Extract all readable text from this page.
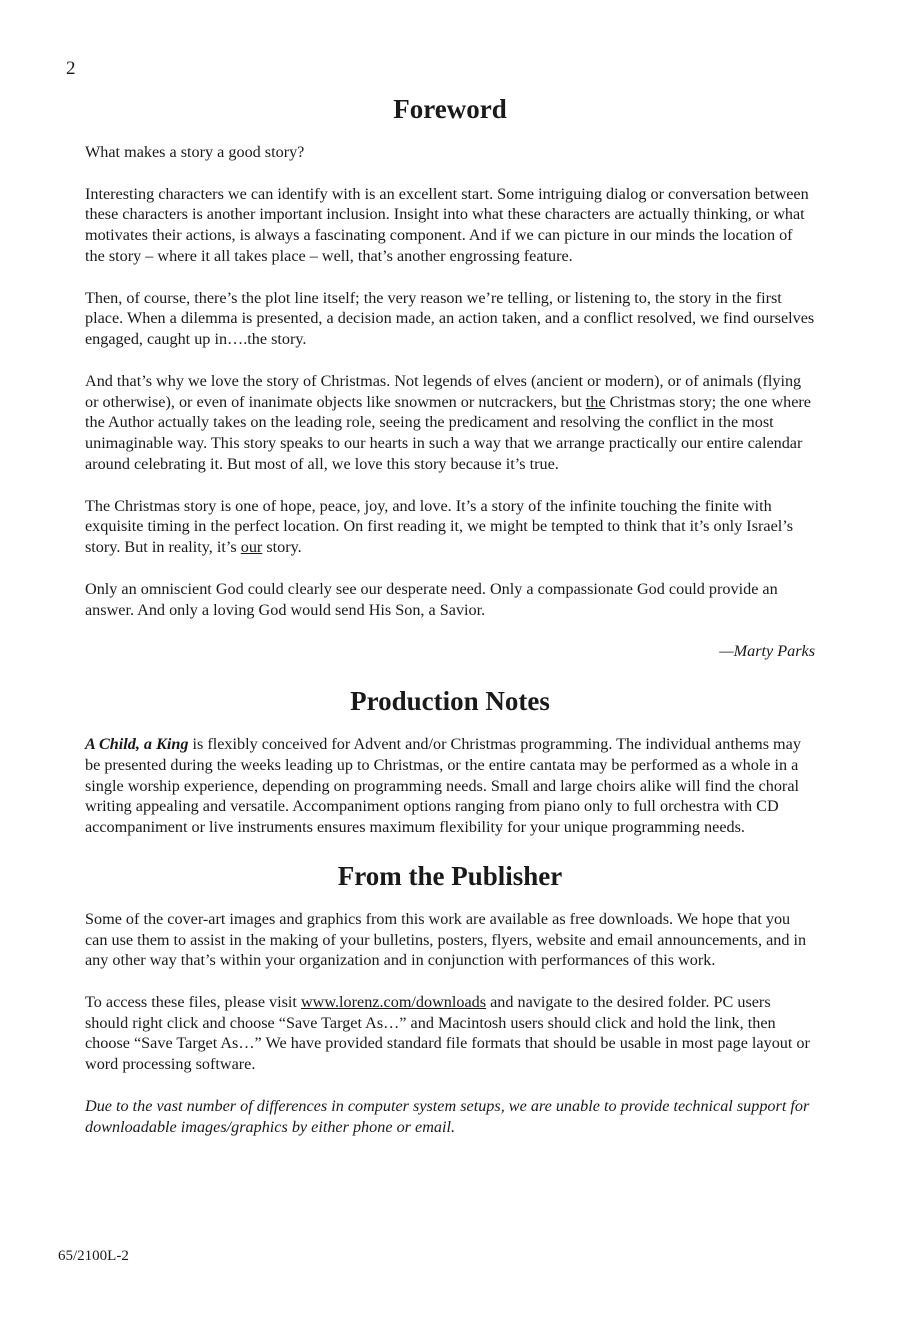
2
Foreword

What makes a story a good story?

Interesting characters we can identify with is an excellent start. Some intriguing dialog or conversation between these characters is another important inclusion. Insight into what these characters are actually thinking, or what motivates their actions, is always a fascinating component. And if we can picture in our minds the location of the story – where it all takes place – well, that’s another engrossing feature.

Then, of course, there’s the plot line itself; the very reason we’re telling, or listening to, the story in the first place. When a dilemma is presented, a decision made, an action taken, and a conflict resolved, we find ourselves engaged, caught up in….the story.

And that’s why we love the story of Christmas. Not legends of elves (ancient or modern), or of animals (flying or otherwise), or even of inanimate objects like snowmen or nutcrackers, but the Christmas story; the one where the Author actually takes on the leading role, seeing the predicament and resolving the conflict in the most unimaginable way. This story speaks to our hearts in such a way that we arrange practically our entire calendar around celebrating it. But most of all, we love this story because it’s true.

The Christmas story is one of hope, peace, joy, and love. It’s a story of the infinite touching the finite with exquisite timing in the perfect location. On first reading it, we might be tempted to think that it’s only Israel’s story. But in reality, it’s our story.

Only an omniscient God could clearly see our desperate need. Only a compassionate God could provide an answer. And only a loving God would send His Son, a Savior.

—Marty Parks

Production Notes

A Child, a King is flexibly conceived for Advent and/or Christmas programming. The individual anthems may be presented during the weeks leading up to Christmas, or the entire cantata may be performed as a whole in a single worship experience, depending on programming needs. Small and large choirs alike will find the choral writing appealing and versatile. Accompaniment options ranging from piano only to full orchestra with CD accompaniment or live instruments ensures maximum flexibility for your unique programming needs.

From the Publisher

Some of the cover-art images and graphics from this work are available as free downloads. We hope that you can use them to assist in the making of your bulletins, posters, flyers, website and email announcements, and in any other way that’s within your organization and in conjunction with performances of this work.

To access these files, please visit www.lorenz.com/downloads and navigate to the desired folder. PC users should right click and choose “Save Target As…” and Macintosh users should click and hold the link, then choose “Save Target As…” We have provided standard file formats that should be usable in most page layout or word processing software.

Due to the vast number of differences in computer system setups, we are unable to provide technical support for downloadable images/graphics by either phone or email.

65/2100L-2
